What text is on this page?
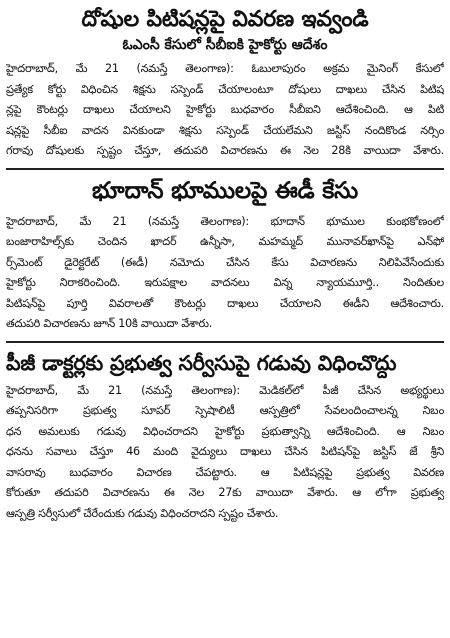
దోషుల పిటిషన్లపై వివరణ ఇవ్వండి
ఓఎంసీ కేసులో సీబీఐకి హైకోర్టు ఆదేశం
హైదరాబాద్, మే 21 (నమస్తే తెలంగాణ): ఓబులాపురం అక్రమ మైనింగ్ కేసులో
ప్రత్యేక కోర్టు విధించిన శిక్షను సస్పెండ్ చేయాలంటూ దోషులు దాఖలు చేసిన పిటిష
న్లపై కౌంటర్లు దాఖలు చేయాలని హైకోర్టు బుధవారం సీబీఐని ఆదేశించింది. ఆ పిటి
షన్లపై సీబీఐ వాదన వినకుండా శిక్షను సస్పెండ్ చేయలేమని జస్టిస్ నందికొండ నర్సిం
గరావు దోషులకు స్పష్టం చేస్తూ, తదుపరి విచారణను ఈ నెల 28కి వాయిదా వేశారు.
భూదాన్ భూములపై ఈడీ కేసు
హైదరాబాద్, మే 21 (నమస్తే తెలంగాణ): భూదాన్ భూముల కుంభకోణంలో
బంజారాహిల్స్‌కు చెందిన ఖాదర్ ఉన్నీసా, మహమ్మద్ మునావర్‌ఖాన్‌పై ఎన్‌ఫో
ర్స్‌మెంట్ డైరెక్టరేట్ (ఈడీ) నమోదు చేసిన కేసు విచారణను నిలిపివేసేందుకు
హైకోర్టు నిరాకరించింది. ఇరుపక్షాల వాదనలు విన్న న్యాయమూర్తి.. నిందితుల
పిటిషన్‌పై పూర్తి వివరాలతో కౌంటర్లు దాఖలు చేయాలని ఈడీని ఆదేశించారు.
తదుపరి విచారణను జూన్ 10కి వాయిదా వేశారు.
పీజీ డాక్టర్లకు ప్రభుత్వ సర్వీసుపై గడువు విధించొద్దు
హైదరాబాద్, మే 21 (నమస్తే తెలంగాణ): మెడికల్‌లో పీజీ చేసిన అభ్యర్థులు
తప్పనిసరిగా ప్రభుత్వ సూపర్ స్పెషాలిటీ ఆస్పత్రిలో సేవలందించాలన్న నిబం
ధన అమలుకు గడువు విధించరాదని హైకోర్టు ప్రభుత్వాన్ని ఆదేశించింది. ఆ నిబం
ధనను సవాలు చేస్తూ 46 మంది వైద్యులు దాఖలు చేసిన పిటిషన్‌పై జస్టిస్ జే శ్రీని
వాసరావు బుధవారం విచారణ చేపట్టారు. ఆ పిటిషన్లపై ప్రభుత్వ వివరణ
కోరుతూ తదుపరి విచారణను ఈ నెల 27కు వాయిదా వేశారు. ఆ లోగా ప్రభుత్వ
ఆస్పత్రి సర్వీసులో చేరేందుకు గడువు విధించరాదని స్పష్టం చేశారు.
